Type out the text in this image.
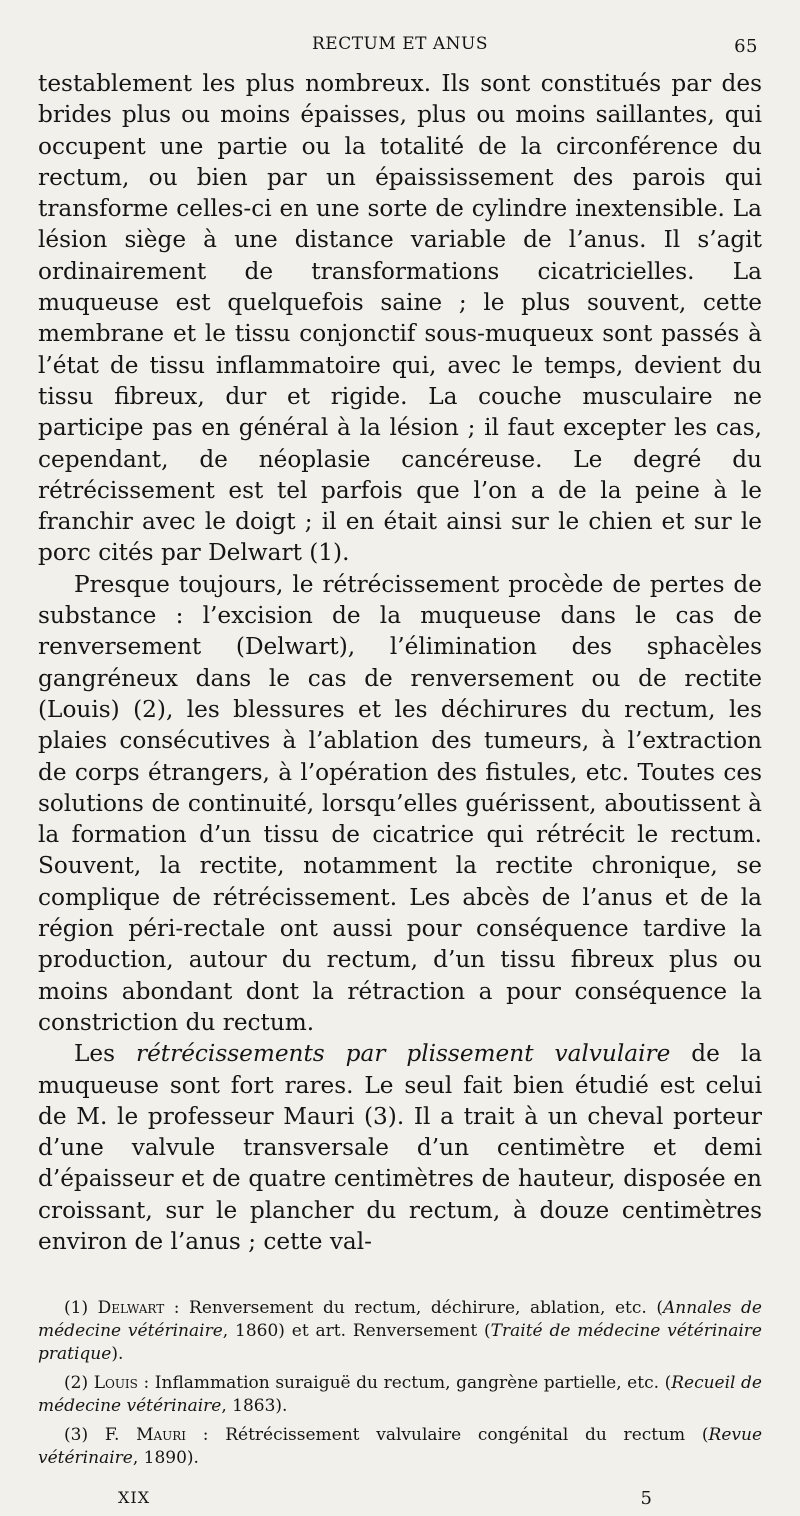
RECTUM ET ANUS	65

testablement les plus nombreux. Ils sont constitués par des brides plus ou moins épaisses, plus ou moins saillantes, qui occupent une partie ou la totalité de la circonférence du rectum, ou bien par un épaississement des parois qui transforme celles-ci en une sorte de cylindre inextensible. La lésion siège à une distance variable de l’anus. Il s’agit ordinairement de transformations cicatricielles. La muqueuse est quelquefois saine ; le plus souvent, cette membrane et le tissu conjonctif sous-muqueux sont passés à l’état de tissu inflammatoire qui, avec le temps, devient du tissu fibreux, dur et rigide. La couche musculaire ne participe pas en général à la lésion ; il faut excepter les cas, cependant, de néoplasie cancéreuse. Le degré du rétrécissement est tel parfois que l’on a de la peine à le franchir avec le doigt ; il en était ainsi sur le chien et sur le porc cités par Delwart (1).

Presque toujours, le rétrécissement procède de pertes de substance : l’excision de la muqueuse dans le cas de renversement (Delwart), l’élimination des sphacèles gangréneux dans le cas de renversement ou de rectite (Louis) (2), les blessures et les déchirures du rectum, les plaies consécutives à l’ablation des tumeurs, à l’extraction de corps étrangers, à l’opération des fistules, etc. Toutes ces solutions de continuité, lorsqu’elles guérissent, aboutissent à la formation d’un tissu de cicatrice qui rétrécit le rectum. Souvent, la rectite, notamment la rectite chronique, se complique de rétrécissement. Les abcès de l’anus et de la région péri-rectale ont aussi pour conséquence tardive la production, autour du rectum, d’un tissu fibreux plus ou moins abondant dont la rétraction a pour conséquence la constriction du rectum.

Les rétrécissements par plissement valvulaire de la muqueuse sont fort rares. Le seul fait bien étudié est celui de M. le professeur Mauri (3). Il a trait à un cheval porteur d’une valvule transversale d’un centimètre et demi d’épaisseur et de quatre centimètres de hauteur, disposée en croissant, sur le plancher du rectum, à douze centimètres environ de l’anus ; cette val-

(1) Delwart : Renversement du rectum, déchirure, ablation, etc. (Annales de médecine vétérinaire, 1860) et art. Renversement (Traité de médecine vétérinaire pratique).

(2) Louis : Inflammation suraiguë du rectum, gangrène partielle, etc. (Recueil de médecine vétérinaire, 1863).

(3) F. Mauri : Rétrécissement valvulaire congénital du rectum (Revue vétérinaire, 1890).

XIX	5
